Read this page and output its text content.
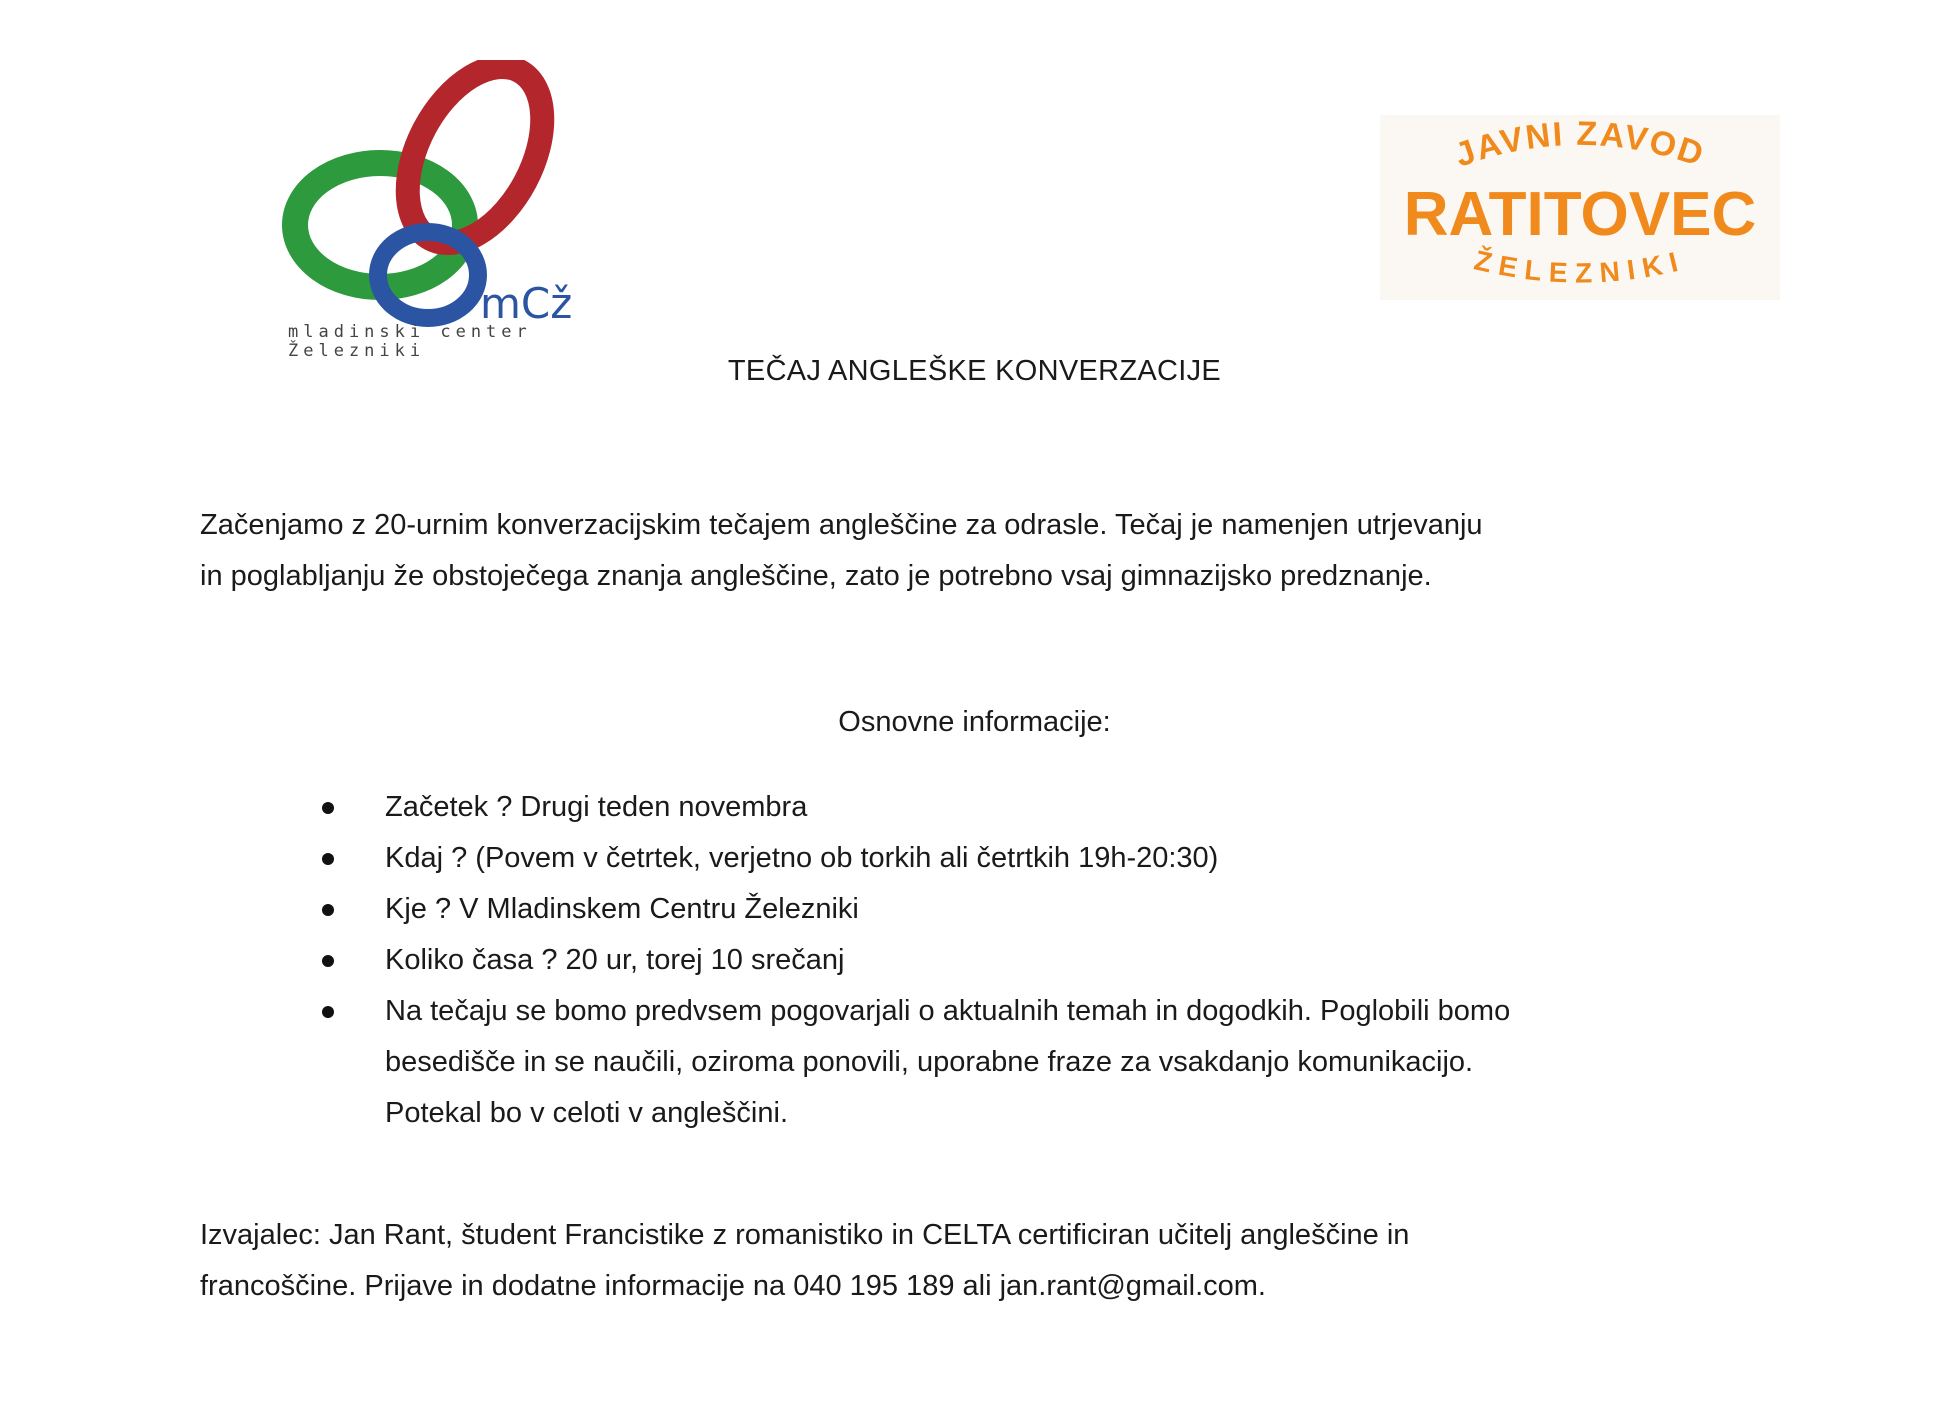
mCž
mladinski center
Železniki
JAVNI ZAVOD
RATITOVEC
ŽELEZNIKI
TEČAJ ANGLEŠKE KONVERZACIJE

Začenjamo z 20-urnim konverzacijskim tečajem angleščine za odrasle. Tečaj je namenjen utrjevanju

in poglabljanju že obstoječega znanja angleščine, zato je potrebno vsaj gimnazijsko predznanje.

Osnovne informacije:
Začetek ? Drugi teden novembra
Kdaj ? (Povem v četrtek, verjetno ob torkih ali četrtkih 19h-20:30)
Kje ? V Mladinskem Centru Železniki
Koliko časa ? 20 ur, torej 10 srečanj
Na tečaju se bomo predvsem pogovarjali o aktualnih temah in dogodkih. Poglobili bomo
besedišče in se naučili, oziroma ponovili, uporabne fraze za vsakdanjo komunikacijo.
Potekal bo v celoti v angleščini.
Izvajalec: Jan Rant, študent Francistike z romanistiko in CELTA certificiran učitelj angleščine in
francoščine. Prijave in dodatne informacije na 040 195 189 ali jan.rant@gmail.com.
